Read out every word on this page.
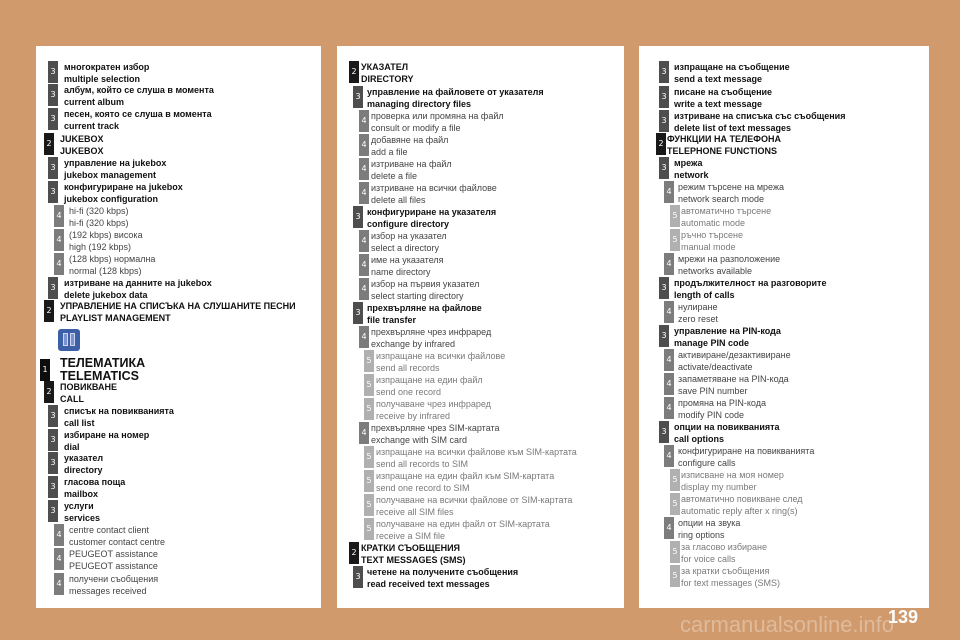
3 многократен избор
multiple selection
3 албум, който се слуша в момента
current album
3 песен, която се слуша в момента
current track
2 JUKEBOX
JUKEBOX
3 управление на jukebox
jukebox management
3 конфигуриране на jukebox
jukebox configuration
4 hi-fi (320 kbps)
hi-fi (320 kbps)
4 (192 kbps) висока
high (192 kbps)
4 (128 kbps) нормална
normal (128 kbps)
3 изтриване на данните на jukebox
delete jukebox data
2 УПРАВЛЕНИЕ НА СПИСЪКА НА СЛУШАНИТЕ ПЕСНИ
PLAYLIST MANAGEMENT
1 ТЕЛЕМАТИКА
TELEMATICS
2 ПОВИКВАНЕ
CALL
3 списък на повикванията
call list
3 избиране на номер
dial
3 указател
directory
3 гласова поща
mailbox
3 услуги
services
4 centre contact client
customer contact centre
4 PEUGEOT assistance
PEUGEOT assistance
4 получени съобщения
messages received
2 УКАЗАТЕЛ
DIRECTORY
3 управление на файловете от указателя
managing directory files
4 проверка или промяна на файл
consult or modify a file
4 добавяне на файл
add a file
4 изтриване на файл
delete a file
4 изтриване на всички файлове
delete all files
3 конфигуриране на указателя
configure directory
4 избор на указател
select a directory
4 име на указателя
name directory
4 избор на първия указател
select starting directory
3 прехвърляне на файлове
file transfer
4 прехвърляне чрез инфраред
exchange by infrared
5 изпращане на всички файлове
send all records
5 изпращане на един файл
send one record
5 получаване чрез инфраред
receive by infrared
4 прехвърляне чрез SIM-картата
exchange with SIM card
5 изпращане на всички файлове към SIM-картата
send all records to SIM
5 изпращане на един файл към SIM-картата
send one record to SIM
5 получаване на всички файлове от SIM-картата
receive all SIM files
5 получаване на един файл от SIM-картата
receive a SIM file
2 КРАТКИ СЪОБЩЕНИЯ
TEXT MESSAGES (SMS)
3 четене на получените съобщения
read received text messages
3 изпращане на съобщение
send a text message
3 писане на съобщение
write a text message
3 изтриване на списъка със съобщения
delete list of text messages
2 ФУНКЦИИ НА ТЕЛЕФОНА
TELEPHONE FUNCTIONS
3 мрежа
network
4 режим търсене на мрежа
network search mode
5 автоматично търсене
automatic mode
5 ръчно търсене
manual mode
4 мрежи на разположение
networks available
3 продължителност на разговорите
length of calls
4 нулиране
zero reset
3 управление на PIN-кода
manage PIN code
4 активиране/дезактивиране
activate/deactivate
4 запаметяване на PIN-кода
save PIN number
4 промяна на PIN-кода
modify PIN code
3 опции на повикванията
call options
4 конфигуриране на повикванията
configure calls
5 изписване на моя номер
display my number
5 автоматично повикване след
automatic reply after x ring(s)
4 опции на звука
ring options
5 за гласово избиране
for voice calls
5 за кратки съобщения
for text messages (SMS)
139
carmanualsonline.info
